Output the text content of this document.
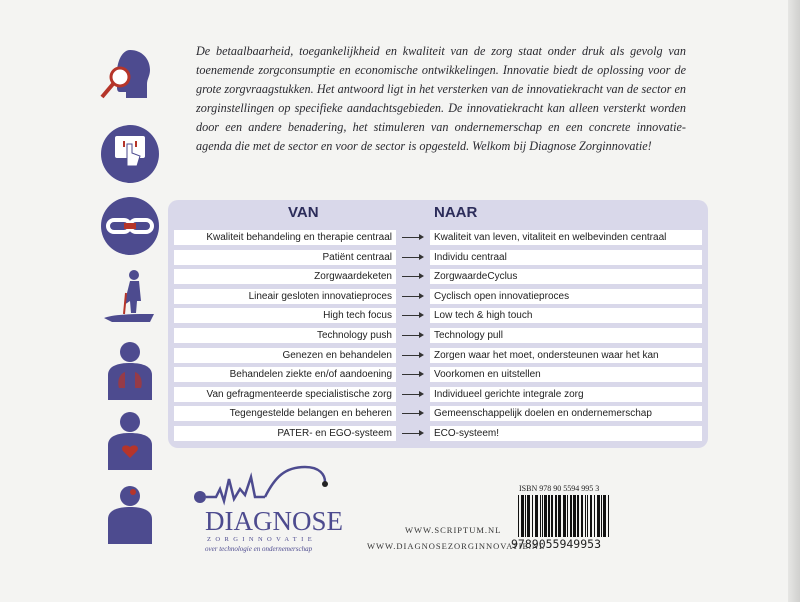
De betaalbaarheid, toegankelijkheid en kwaliteit van de zorg staat onder druk als gevolg van toenemende zorgconsumptie en economische ontwikkelingen. Innovatie biedt de oplossing voor de grote zorgvraagstukken. Het antwoord ligt in het versterken van de innovatiekracht van de sector en zorginstellingen op specifieke aandachtsgebieden. De innovatiekracht kan alleen versterkt worden door een andere benadering, het stimuleren van ondernemerschap en een concrete innovatie-agenda die met de sector en voor de sector is opgesteld. Welkom bij Diagnose Zorginnovatie!
VAN	NAAR
Kwaliteit behandeling en therapie centraal	Kwaliteit van leven, vitaliteit en welbevinden centraal
Patiënt centraal	Individu centraal
Zorgwaardeketen	ZorgwaardeCyclus
Lineair gesloten innovatieproces	Cyclisch open innovatieproces
High tech focus	Low tech & high touch
Technology push	Technology pull
Genezen en behandelen	Zorgen waar het moet, ondersteunen waar het kan
Behandelen ziekte en/of aandoening	Voorkomen en uitstellen
Van gefragmenteerde specialistische zorg	Individueel gerichte integrale zorg
Tegengestelde belangen en beheren	Gemeenschappelijk doelen en ondernemerschap
PATER- en EGO-systeem	ECO-systeem!
DIAGNOSE
ZORGINNOVATIE
over technologie en ondernemerschap
WWW.SCRIPTUM.NL
WWW.DIAGNOSEZORGINNOVATIE.NL
ISBN 978 90 5594 995 3
9789055949953
